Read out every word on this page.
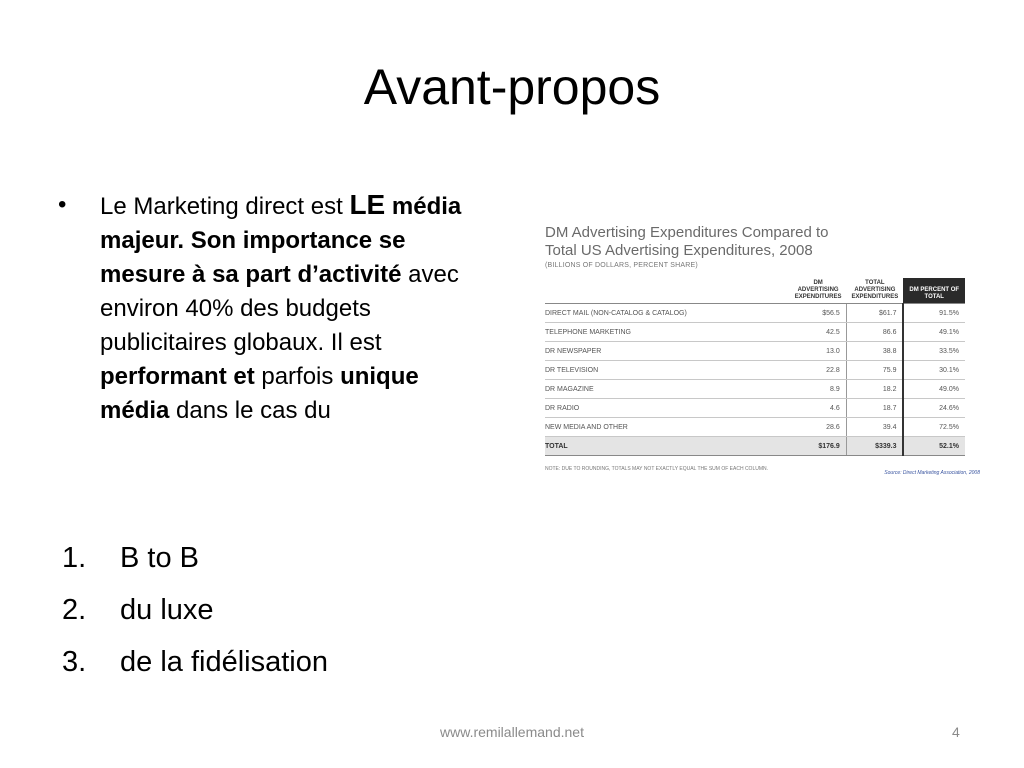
Avant-propos
• Le Marketing direct est LE média majeur. Son importance se mesure à sa part d’activité avec environ 40% des budgets publicitaires globaux. Il est performant et parfois unique média dans le cas du
1. B to B
2. du luxe
3. de la fidélisation
DM Advertising Expenditures Compared to
Total US Advertising Expenditures, 2008
(BILLIONS OF DOLLARS, PERCENT SHARE)
	DM ADVERTISING EXPENDITURES	TOTAL ADVERTISING EXPENDITURES	DM PERCENT OF TOTAL
DIRECT MAIL (NON-CATALOG & CATALOG)	$56.5	$61.7	91.5%
TELEPHONE MARKETING	42.5	86.6	49.1%
DR NEWSPAPER	13.0	38.8	33.5%
DR TELEVISION	22.8	75.9	30.1%
DR MAGAZINE	8.9	18.2	49.0%
DR RADIO	4.6	18.7	24.6%
NEW MEDIA AND OTHER	28.6	39.4	72.5%
TOTAL	$176.9	$339.3	52.1%
NOTE: DUE TO ROUNDING, TOTALS MAY NOT EXACTLY EQUAL THE SUM OF EACH COLUMN.
Source: Direct Marketing Association, 2008
www.remilallemand.net	4
